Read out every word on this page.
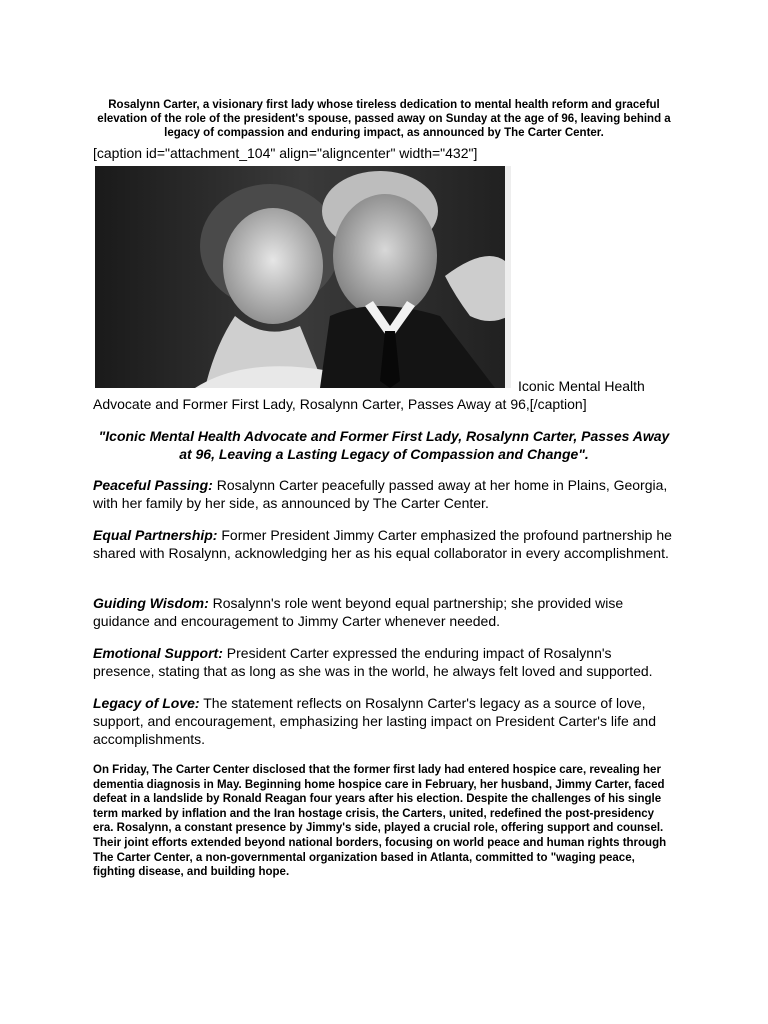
Rosalynn Carter, a visionary first lady whose tireless dedication to mental health reform and graceful elevation of the role of the president's spouse, passed away on Sunday at the age of 96, leaving behind a legacy of compassion and enduring impact, as announced by The Carter Center.

[caption id="attachment_104" align="aligncenter" width="432"]

Iconic Mental Health
Advocate and Former First Lady, Rosalynn Carter, Passes Away at 96,[/caption]

"Iconic Mental Health Advocate and Former First Lady, Rosalynn Carter, Passes Away at 96, Leaving a Lasting Legacy of Compassion and Change".

Peaceful Passing: Rosalynn Carter peacefully passed away at her home in Plains, Georgia, with her family by her side, as announced by The Carter Center.

Equal Partnership: Former President Jimmy Carter emphasized the profound partnership he shared with Rosalynn, acknowledging her as his equal collaborator in every accomplishment.

Guiding Wisdom: Rosalynn's role went beyond equal partnership; she provided wise guidance and encouragement to Jimmy Carter whenever needed.

Emotional Support: President Carter expressed the enduring impact of Rosalynn's presence, stating that as long as she was in the world, he always felt loved and supported.

Legacy of Love: The statement reflects on Rosalynn Carter's legacy as a source of love, support, and encouragement, emphasizing her lasting impact on President Carter's life and accomplishments.

On Friday, The Carter Center disclosed that the former first lady had entered hospice care, revealing her dementia diagnosis in May. Beginning home hospice care in February, her husband, Jimmy Carter, faced defeat in a landslide by Ronald Reagan four years after his election. Despite the challenges of his single term marked by inflation and the Iran hostage crisis, the Carters, united, redefined the post-presidency era. Rosalynn, a constant presence by Jimmy's side, played a crucial role, offering support and counsel. Their joint efforts extended beyond national borders, focusing on world peace and human rights through The Carter Center, a non-governmental organization based in Atlanta, committed to "waging peace, fighting disease, and building hope.
